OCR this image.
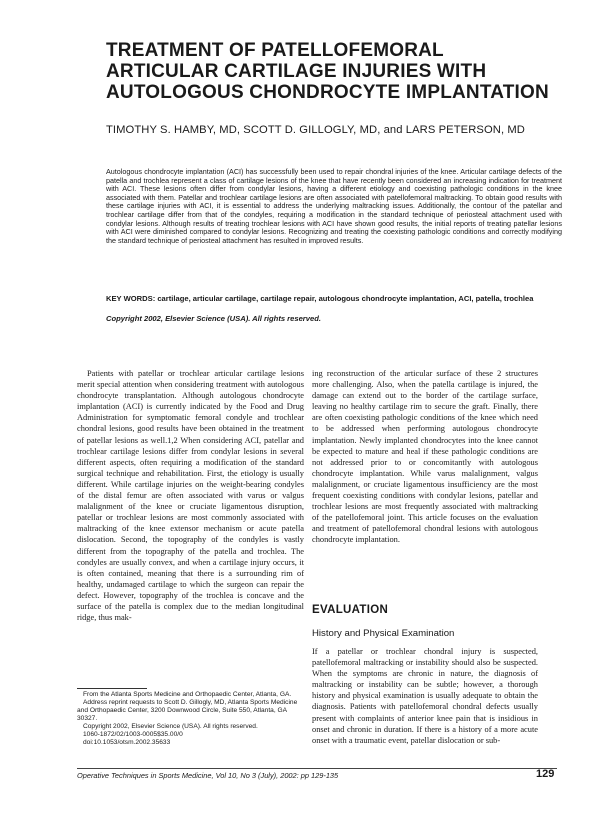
TREATMENT OF PATELLOFEMORAL
ARTICULAR CARTILAGE INJURIES WITH
AUTOLOGOUS CHONDROCYTE IMPLANTATION
TIMOTHY S. HAMBY, MD, SCOTT D. GILLOGLY, MD, and LARS PETERSON, MD
Autologous chondrocyte implantation (ACI) has successfully been used to repair chondral injuries of the knee. Articular cartilage defects of the patella and trochlea represent a class of cartilage lesions of the knee that have recently been considered an increasing indication for treatment with ACI. These lesions often differ from condylar lesions, having a different etiology and coexisting pathologic conditions in the knee associated with them. Patellar and trochlear cartilage lesions are often associated with patellofemoral maltracking. To obtain good results with these cartilage injuries with ACI, it is essential to address the underlying maltracking issues. Additionally, the contour of the patellar and trochlear cartilage differ from that of the condyles, requiring a modification in the standard technique of periosteal attachment used with condylar lesions. Although results of treating trochlear lesions with ACI have shown good results, the initial reports of treating patellar lesions with ACI were diminished compared to condylar lesions. Recognizing and treating the coexisting pathologic conditions and correctly modifying the standard technique of periosteal attachment has resulted in improved results.
KEY WORDS: cartilage, articular cartilage, cartilage repair, autologous chondrocyte implantation, ACI, patella, trochlea
Copyright 2002, Elsevier Science (USA). All rights reserved.
Patients with patellar or trochlear articular cartilage lesions merit special attention when considering treatment with autologous chondrocyte transplantation. Although autologous chondrocyte implantation (ACI) is currently indicated by the Food and Drug Administration for symptomatic femoral condyle and trochlear chondral lesions, good results have been obtained in the treatment of patellar lesions as well.1,2 When considering ACI, patellar and trochlear cartilage lesions differ from condylar lesions in several different aspects, often requiring a modification of the standard surgical technique and rehabilitation. First, the etiology is usually different. While cartilage injuries on the weight-bearing condyles of the distal femur are often associated with varus or valgus malalignment of the knee or cruciate ligamentous disruption, patellar or trochlear lesions are most commonly associated with maltracking of the knee extensor mechanism or acute patella dislocation. Second, the topography of the condyles is vastly different from the topography of the patella and trochlea. The condyles are usually convex, and when a cartilage injury occurs, it is often contained, meaning that there is a surrounding rim of healthy, undamaged cartilage to which the surgeon can repair the defect. However, topography of the trochlea is concave and the surface of the patella is complex due to the median longitudinal ridge, thus mak-

ing reconstruction of the articular surface of these 2 structures more challenging. Also, when the patella cartilage is injured, the damage can extend out to the border of the cartilage surface, leaving no healthy cartilage rim to secure the graft. Finally, there are often coexisting pathologic conditions of the knee which need to be addressed when performing autologous chondrocyte implantation. Newly implanted chondrocytes into the knee cannot be expected to mature and heal if these pathologic conditions are not addressed prior to or concomitantly with autologous chondrocyte implantation. While varus malalignment, valgus malalignment, or cruciate ligamentous insufficiency are the most frequent coexisting conditions with condylar lesions, patellar and trochlear lesions are most frequently associated with maltracking of the patellofemoral joint. This article focuses on the evaluation and treatment of patellofemoral chondral lesions with autologous chondrocyte implantation.

EVALUATION
History and Physical Examination
If a patellar or trochlear chondral injury is suspected, patellofemoral maltracking or instability should also be suspected. When the symptoms are chronic in nature, the diagnosis of maltracking or instability can be subtle; however, a thorough history and physical examination is usually adequate to obtain the diagnosis. Patients with patellofemoral chondral defects usually present with complaints of anterior knee pain that is insidious in onset and chronic in duration. If there is a history of a more acute onset with a traumatic event, patellar dislocation or sub-

From the Atlanta Sports Medicine and Orthopaedic Center, Atlanta, GA.

Address reprint requests to Scott D. Gillogly, MD, Atlanta Sports Medicine and Orthopaedic Center, 3200 Downwood Circle, Suite 550, Atlanta, GA 30327.

Copyright 2002, Elsevier Science (USA). All rights reserved.

1060-1872/02/1003-0005$35.00/0

doi:10.1053/otsm.2002.35633

Operative Techniques in Sports Medicine, Vol 10, No 3 (July), 2002: pp 129-135	129
